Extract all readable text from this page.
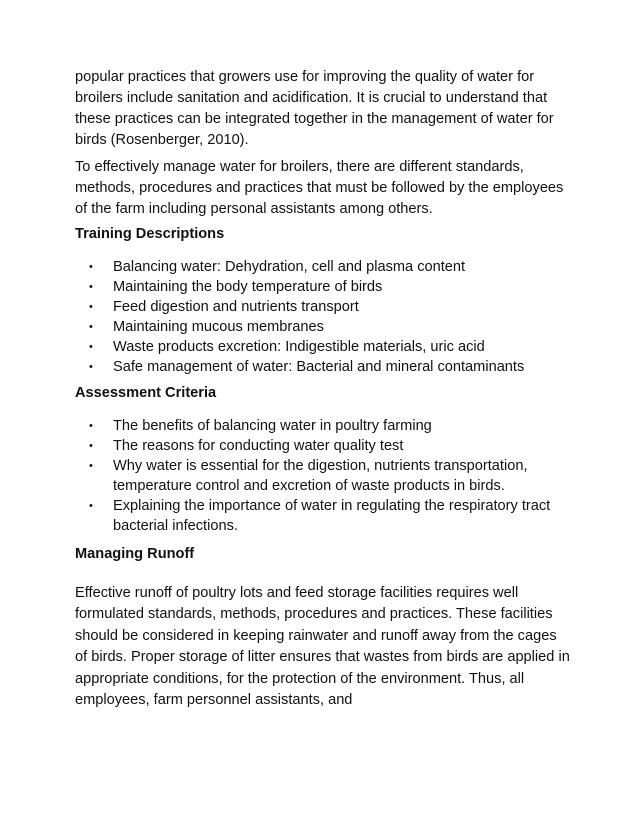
popular practices that growers use for improving the quality of water for broilers include sanitation and acidification. It is crucial to understand that these practices can be integrated together in the management of water for birds (Rosenberger, 2010).

To effectively manage water for broilers, there are different standards, methods, procedures and practices that must be followed by the employees of the farm including personal assistants among others.

Training Descriptions
• Balancing water: Dehydration, cell and plasma content
• Maintaining the body temperature of birds
• Feed digestion and nutrients transport
• Maintaining mucous membranes
• Waste products excretion: Indigestible materials, uric acid
• Safe management of water: Bacterial and mineral contaminants
Assessment Criteria
• The benefits of balancing water in poultry farming
• The reasons for conducting water quality test
• Why water is essential for the digestion, nutrients transportation, temperature control and excretion of waste products in birds.
• Explaining the importance of water in regulating the respiratory tract bacterial infections.
Managing Runoff

Effective runoff of poultry lots and feed storage facilities requires well formulated standards, methods, procedures and practices. These facilities should be considered in keeping rainwater and runoff away from the cages of birds. Proper storage of litter ensures that wastes from birds are applied in appropriate conditions, for the protection of the environment. Thus, all employees, farm personnel assistants, and
